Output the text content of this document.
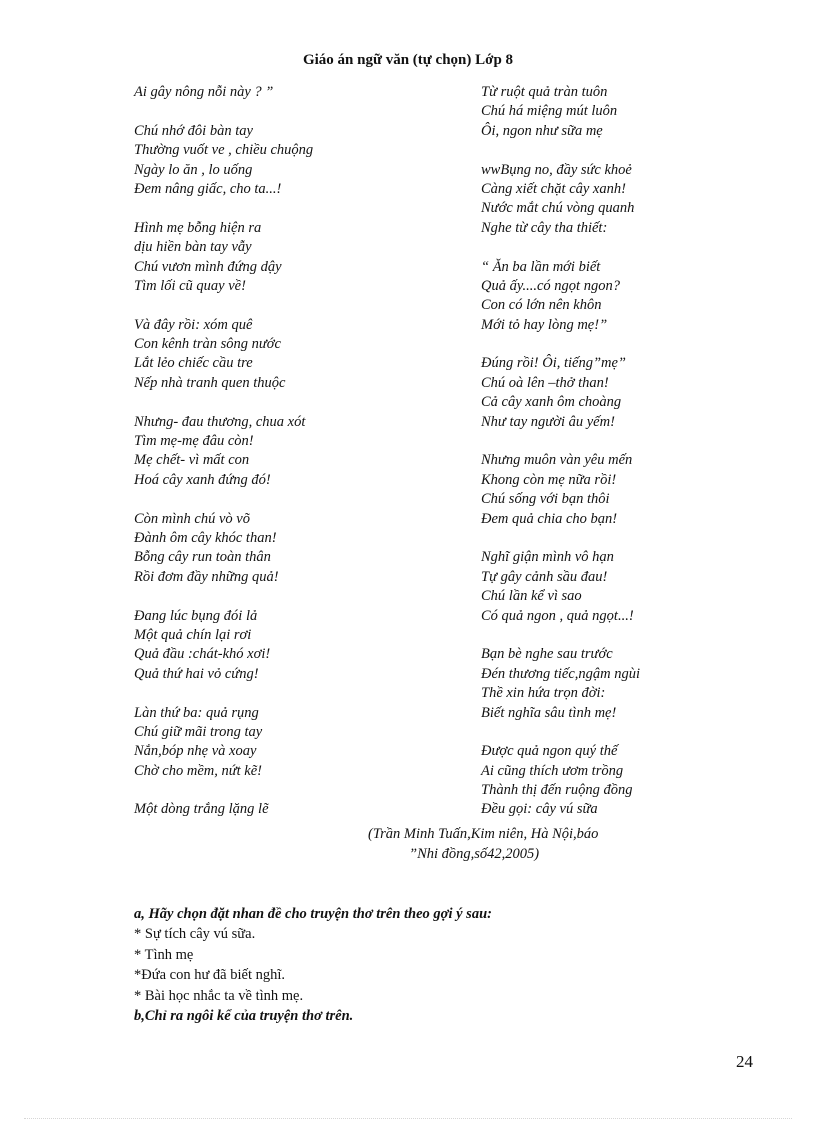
Giáo án ngữ văn (tự chọn) Lớp 8
Ai gây nông nỗi này ? ”
Chú nhớ đôi bàn tay
Thường vuốt ve , chiều chuộng
Ngày lo ăn , lo uống
Đem nâng giấc, cho ta...!
Hình mẹ bỗng hiện ra
dịu hiền bàn tay vẫy
Chú vươn mình đứng dậy
Tìm lối cũ quay về!
Và đây rồi: xóm quê
Con kênh tràn sông nước
Lắt lẻo chiếc cầu tre
Nếp nhà tranh quen thuộc
Nhưng- đau thương, chua xót
Tìm mẹ-mẹ đâu còn!
Mẹ chết- vì mất con
Hoá cây xanh đứng đó!
Còn mình chú vò võ
Đành ôm cây khóc than!
Bỗng cây run toàn thân
Rồi đơm đầy những quả!
Đang lúc bụng đói lả
Một quả chín lại rơi
Quả đầu :chát-khó xơi!
Quả thứ hai vỏ cứng!
Làn thứ ba: quả rụng
Chú giữ mãi trong tay
Nắn,bóp nhẹ và xoay
Chờ cho mềm, nứt kẽ!
Một dòng trắng lặng lẽ
Từ ruột quả tràn tuôn
Chú há miệng mút luôn
Ôi, ngon như sữa mẹ
wwBụng no, đầy sức khoẻ
Càng xiết chặt cây xanh!
Nước mắt chú vòng quanh
Nghe từ cây tha thiết:
“ Ăn ba lần mới biết
Quả ấy....có ngọt ngon?
Con có lớn nên khôn
Mới tỏ hay lòng mẹ!”
Đúng rồi! Ôi, tiếng”mẹ”
Chú oà lên –thở than!
Cả cây xanh ôm choàng
Như tay người âu yếm!
Nhưng muôn vàn yêu mến
Khong còn mẹ nữa rồi!
Chú sống với bạn thôi
Đem quả chia cho bạn!
Nghĩ giận mình vô hạn
Tự gây cảnh sầu đau!
Chú lần kể vì sao
Có quả ngon , quả ngọt...!
Bạn bè nghe sau trước
Đén thương tiếc,ngậm ngùi
Thề xin hứa trọn đời:
Biết nghĩa sâu tình mẹ!
Được quả ngon quý thế
Ai cũng thích ươm trồng
Thành thị đến ruộng đồng
Đều gọi: cây vú sữa
(Trần Minh Tuấn,Kim niên, Hà Nội,báo
”Nhi đồng,số42,2005)
a, Hãy chọn đặt nhan đề cho truyện thơ trên theo gợi ý sau:
* Sự tích cây vú sữa.
* Tình mẹ
*Đứa con hư đã biết nghĩ.
* Bài học nhắc ta về tình mẹ.
b,Chỉ ra ngôi kể của truyện thơ trên.
24
